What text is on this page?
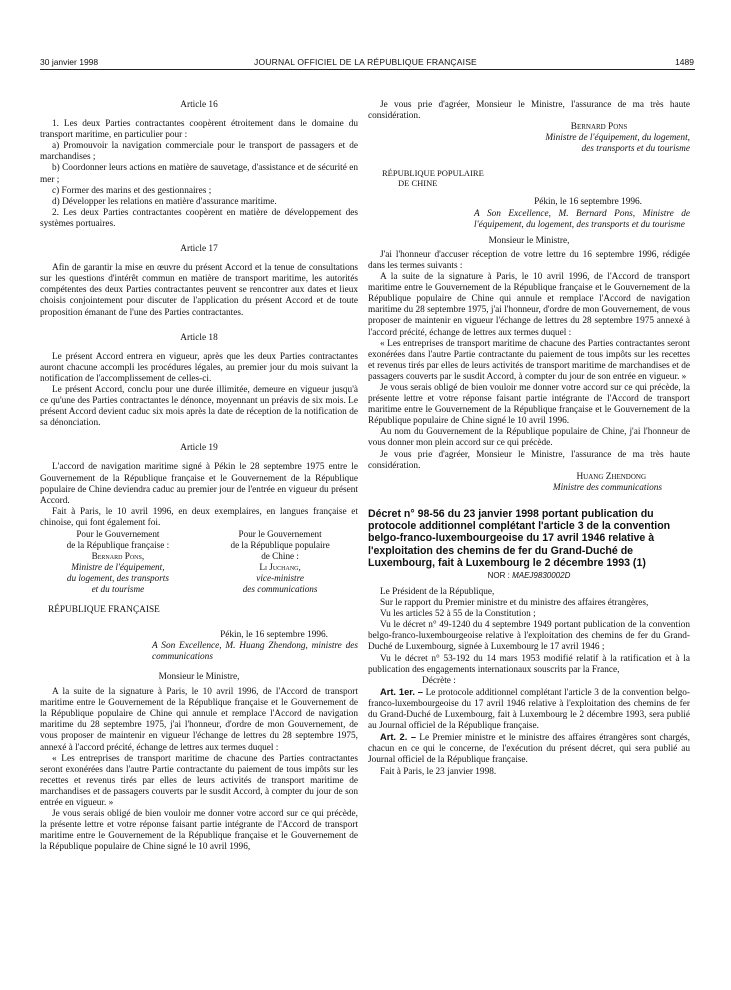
30 janvier 1998	JOURNAL OFFICIEL DE LA RÉPUBLIQUE FRANÇAISE	1489
Article 16

1. Les deux Parties contractantes coopèrent étroitement dans le domaine du transport maritime, en particulier pour :

a) Promouvoir la navigation commerciale pour le transport de passagers et de marchandises ;

b) Coordonner leurs actions en matière de sauvetage, d'assistance et de sécurité en mer ;

c) Former des marins et des gestionnaires ;

d) Développer les relations en matière d'assurance maritime.

2. Les deux Parties contractantes coopèrent en matière de développement des systèmes portuaires.

Article 17

Afin de garantir la mise en œuvre du présent Accord et la tenue de consultations sur les questions d'intérêt commun en matière de transport maritime, les autorités compétentes des deux Parties contractantes peuvent se rencontrer aux dates et lieux choisis conjointement pour discuter de l'application du présent Accord et de toute proposition émanant de l'une des Parties contractantes.

Article 18

Le présent Accord entrera en vigueur, après que les deux Parties contractantes auront chacune accompli les procédures légales, au premier jour du mois suivant la notification de l'accomplissement de celles-ci.

Le présent Accord, conclu pour une durée illimitée, demeure en vigueur jusqu'à ce qu'une des Parties contractantes le dénonce, moyennant un préavis de six mois. Le présent Accord devient caduc six mois après la date de réception de la notification de sa dénonciation.

Article 19

L'accord de navigation maritime signé à Pékin le 28 septembre 1975 entre le Gouvernement de la République française et le Gouvernement de la République populaire de Chine deviendra caduc au premier jour de l'entrée en vigueur du présent Accord.

Fait à Paris, le 10 avril 1996, en deux exemplaires, en langues française et chinoise, qui font également foi.

Pour le Gouvernement
de la République française :
Bernard Pons,
Ministre de l'équipement,
du logement, des transports
et du tourisme
Pour le Gouvernement
de la République populaire
de Chine :
Li Juchang,
vice-ministre
des communications

RÉPUBLIQUE FRANÇAISE

Pékin, le 16 septembre 1996.

A Son Excellence, M. Huang Zhendong, ministre des communications

Monsieur le Ministre,

A la suite de la signature à Paris, le 10 avril 1996, de l'Accord de transport maritime entre le Gouvernement de la République française et le Gouvernement de la République populaire de Chine qui annule et remplace l'Accord de navigation maritime du 28 septembre 1975, j'ai l'honneur, d'ordre de mon Gouvernement, de vous proposer de maintenir en vigueur l'échange de lettres du 28 septembre 1975, annexé à l'accord précité, échange de lettres aux termes duquel :

« Les entreprises de transport maritime de chacune des Parties contractantes seront exonérées dans l'autre Partie contractante du paiement de tous impôts sur les recettes et revenus tirés par elles de leurs activités de transport maritime de marchandises et de passagers couverts par le susdit Accord, à compter du jour de son entrée en vigueur. »

Je vous serais obligé de bien vouloir me donner votre accord sur ce qui précède, la présente lettre et votre réponse faisant partie intégrante de l'Accord de transport maritime entre le Gouvernement de la République française et le Gouvernement de la République populaire de Chine signé le 10 avril 1996,

Je vous prie d'agréer, Monsieur le Ministre, l'assurance de ma très haute considération.

Bernard Pons
Ministre de l'équipement, du logement,
des transports et du tourisme
RÉPUBLIQUE POPULAIRE
DE CHINE

Pékin, le 16 septembre 1996.

A Son Excellence, M. Bernard Pons, Ministre de l'équipement, du logement, des transports et du tourisme

Monsieur le Ministre,

J'ai l'honneur d'accuser réception de votre lettre du 16 septembre 1996, rédigée dans les termes suivants :

A la suite de la signature à Paris, le 10 avril 1996, de l'Accord de transport maritime entre le Gouvernement de la République française et le Gouvernement de la République populaire de Chine qui annule et remplace l'Accord de navigation maritime du 28 septembre 1975, j'ai l'honneur, d'ordre de mon Gouvernement, de vous proposer de maintenir en vigueur l'échange de lettres du 28 septembre 1975 annexé à l'accord précité, échange de lettres aux termes duquel :

« Les entreprises de transport maritime de chacune des Parties contractantes seront exonérées dans l'autre Partie contractante du paiement de tous impôts sur les recettes et revenus tirés par elles de leurs activités de transport maritime de marchandises et de passagers couverts par le susdit Accord, à compter du jour de son entrée en vigueur. »

Je vous serais obligé de bien vouloir me donner votre accord sur ce qui précède, la présente lettre et votre réponse faisant partie intégrante de l'Accord de transport maritime entre le Gouvernement de la République française et le Gouvernement de la République populaire de Chine signé le 10 avril 1996.

Au nom du Gouvernement de la République populaire de Chine, j'ai l'honneur de vous donner mon plein accord sur ce qui précède.

Je vous prie d'agréer, Monsieur le Ministre, l'assurance de ma très haute considération.

Huang Zhendong
Ministre des communications

Décret n° 98-56 du 23 janvier 1998 portant publication du protocole additionnel complétant l'article 3 de la convention belgo-franco-luxembourgeoise du 17 avril 1946 relative à l'exploitation des chemins de fer du Grand-Duché de Luxembourg, fait à Luxembourg le 2 décembre 1993 (1)

NOR : MAEJ9830002D

Le Président de la République,

Sur le rapport du Premier ministre et du ministre des affaires étrangères,

Vu les articles 52 à 55 de la Constitution ;

Vu le décret n° 49-1240 du 4 septembre 1949 portant publication de la convention belgo-franco-luxembourgeoise relative à l'exploitation des chemins de fer du Grand-Duché de Luxembourg, signée à Luxembourg le 17 avril 1946 ;

Vu le décret n° 53-192 du 14 mars 1953 modifié relatif à la ratification et à la publication des engagements internationaux souscrits par la France,

Décrète :

Art. 1er. – Le protocole additionnel complétant l'article 3 de la convention belgo-franco-luxembourgeoise du 17 avril 1946 relative à l'exploitation des chemins de fer du Grand-Duché de Luxembourg, fait à Luxembourg le 2 décembre 1993, sera publié au Journal officiel de la République française.

Art. 2. – Le Premier ministre et le ministre des affaires étrangères sont chargés, chacun en ce qui le concerne, de l'exécution du présent décret, qui sera publié au Journal officiel de la République française.

Fait à Paris, le 23 janvier 1998.
